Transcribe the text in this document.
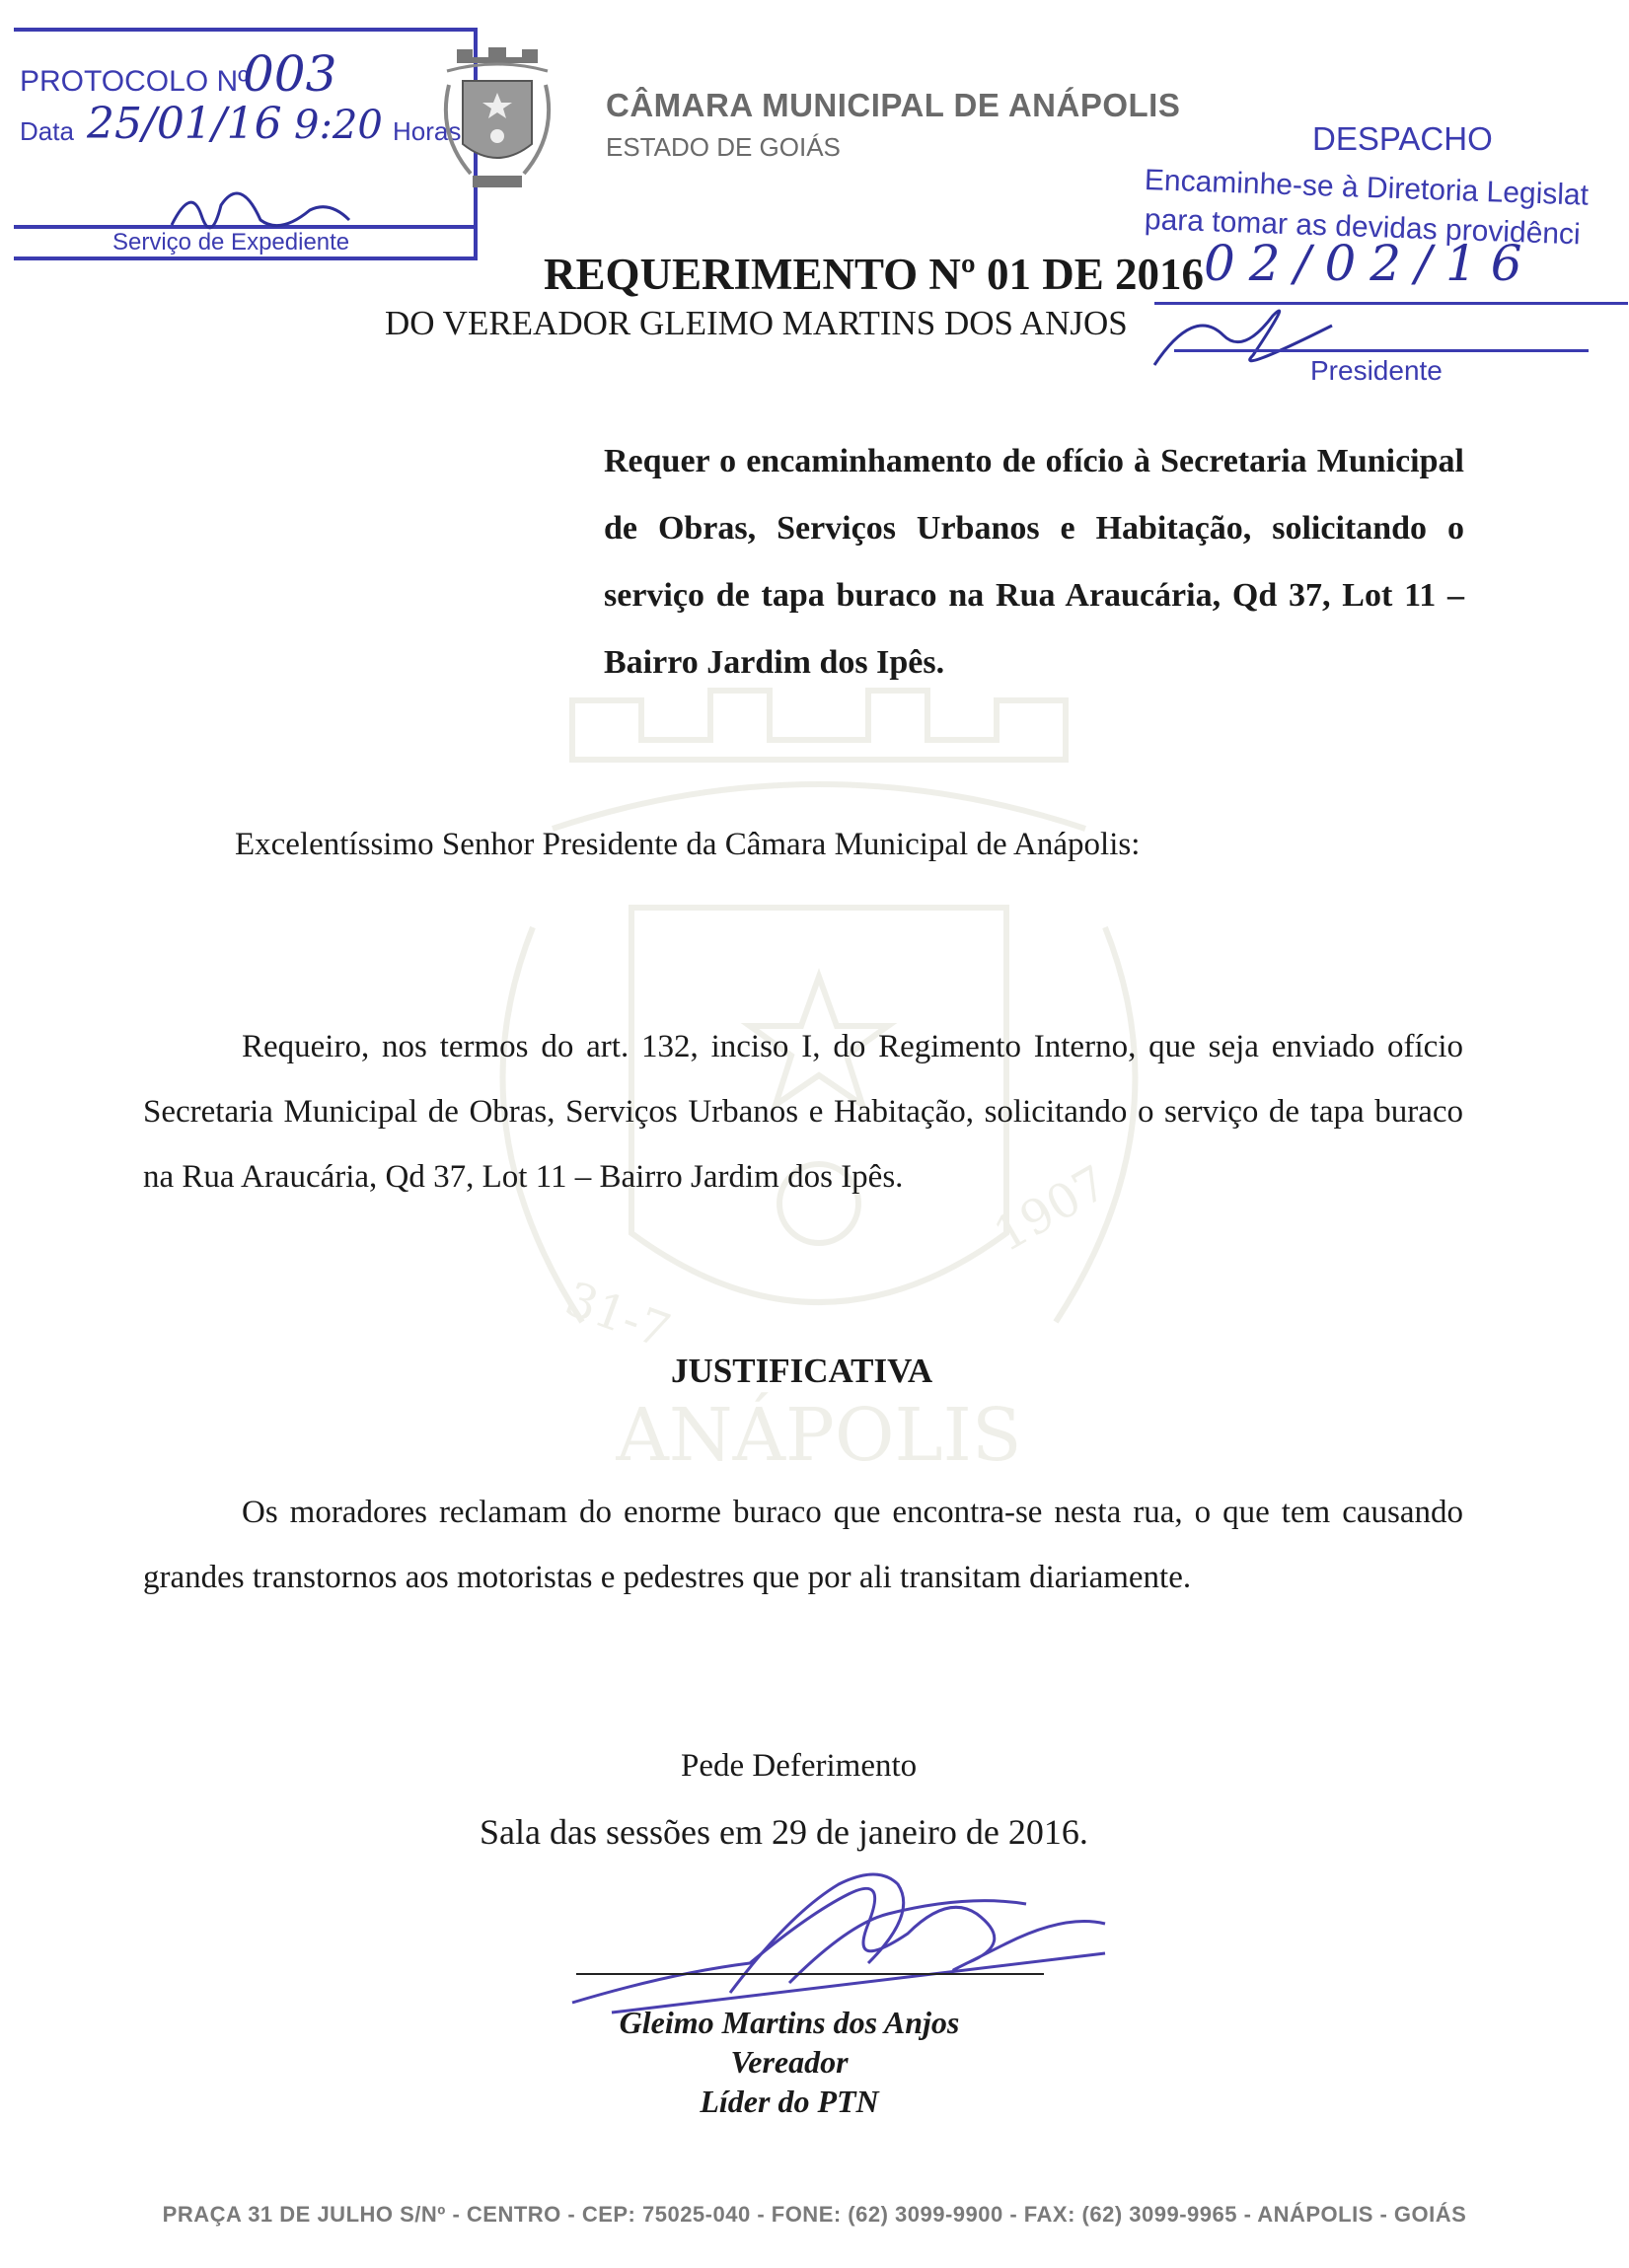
31-7
1907
ANÁPOLIS
PROTOCOLO Nº
003
Data 25/01/16 9:20 Horas
Serviço de Expediente
CÂMARA MUNICIPAL DE ANÁPOLIS
ESTADO DE GOIÁS	DESPACHO
Encaminhe-se à Diretoria Legislat
para tomar as devidas providênci
02/02/16
Presidente
REQUERIMENTO Nº 01 DE 2016
DO VEREADOR GLEIMO MARTINS DOS ANJOS
Requer o encaminhamento de ofício à Secretaria Municipal de Obras, Serviços Urbanos e Habitação, solicitando o serviço de tapa buraco na Rua Araucária, Qd 37, Lot 11 – Bairro Jardim dos Ipês.
Excelentíssimo Senhor Presidente da Câmara Municipal de Anápolis:
Requeiro, nos termos do art. 132, inciso I, do Regimento Interno, que seja enviado ofício Secretaria Municipal de Obras, Serviços Urbanos e Habitação, solicitando o serviço de tapa buraco na Rua Araucária, Qd 37, Lot 11 – Bairro Jardim dos Ipês.
JUSTIFICATIVA
Os moradores reclamam do enorme buraco que encontra-se nesta rua, o que tem causando grandes transtornos aos motoristas e pedestres que por ali transitam diariamente.
Pede Deferimento
Sala das sessões em 29 de janeiro de 2016.
Gleimo Martins dos Anjos
Vereador
Líder do PTN
PRAÇA 31 DE JULHO S/Nº - CENTRO - CEP: 75025-040 - FONE: (62) 3099-9900 - FAX: (62) 3099-9965 - ANÁPOLIS - GOIÁS
